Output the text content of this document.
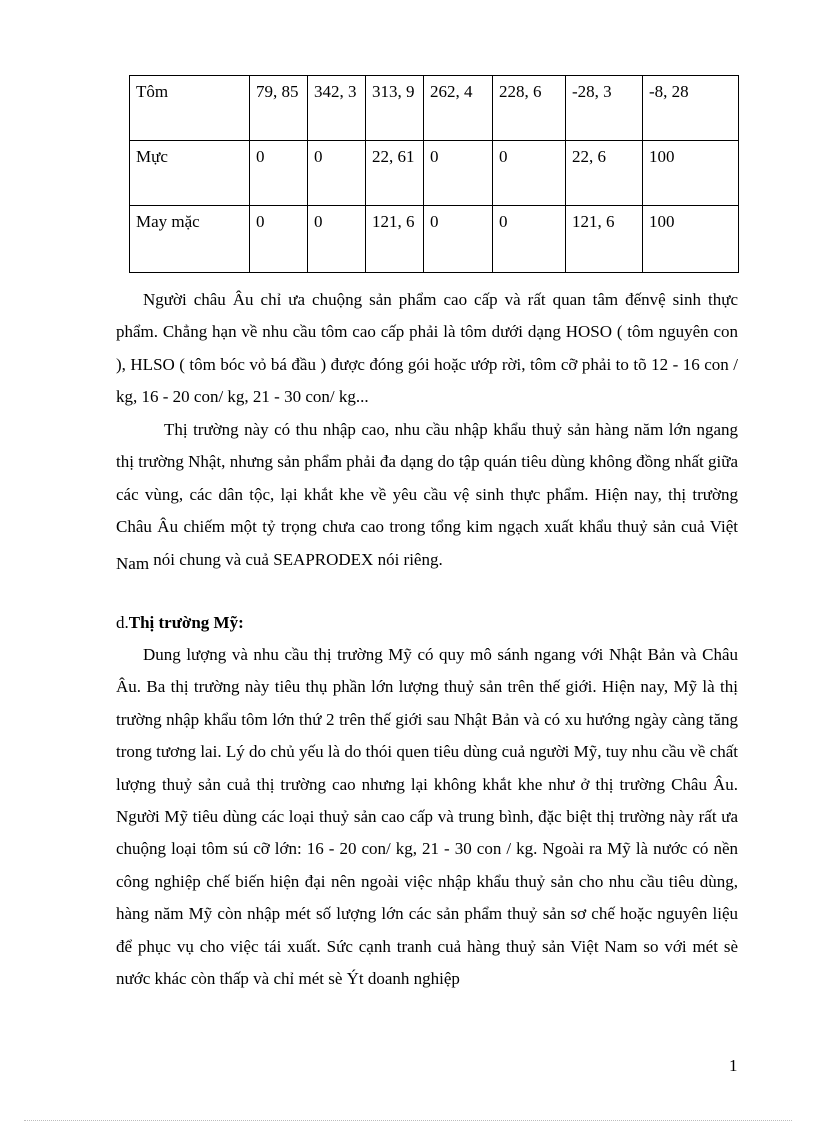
Tôm	79, 85	342, 3	313, 9	262, 4	228, 6	-28, 3	-8, 28
Mực	0	0	22, 61	0	0	22, 6	100
May mặc	0	0	121, 6	0	0	121, 6	100

Người châu Âu chỉ ưa chuộng sản phẩm cao cấp và rất quan tâm đếnvệ sinh thực phẩm. Chẳng hạn về nhu cầu tôm cao cấp phải là tôm dưới dạng HOSO ( tôm nguyên con ), HLSO ( tôm bóc vỏ bá đầu ) được đóng gói hoặc ướp rời, tôm cỡ phải to tõ 12 - 16 con / kg, 16 - 20 con/ kg, 21 - 30 con/ kg...

Thị trường này có thu nhập cao, nhu cầu nhập khẩu thuỷ sản hàng năm lớn ngang thị trường Nhật, nhưng sản phẩm phải đa dạng do tập quán tiêu dùng không đồng nhất giữa các vùng, các dân tộc, lại khắt khe về yêu cầu vệ sinh thực phẩm. Hiện nay, thị trường Châu Âu chiếm một tỷ trọng chưa cao trong tổng kim ngạch xuất khẩu thuỷ sản cuả Việt Nam nói chung và cuả SEAPRODEX nói riêng.

d.Thị trường Mỹ:

Dung lượng và nhu cầu thị trường Mỹ có quy mô sánh ngang với Nhật Bản và Châu Âu. Ba thị trường này tiêu thụ phần lớn lượng thuỷ sản trên thế giới. Hiện nay, Mỹ là thị trường nhập khẩu tôm lớn thứ 2 trên thế giới sau Nhật Bản và có xu hướng ngày càng tăng trong tương lai. Lý do chủ yếu là do thói quen tiêu dùng cuả người Mỹ, tuy nhu cầu về chất lượng thuỷ sản cuả thị trường cao nhưng lại không khắt khe như ở thị trường Châu Âu. Người Mỹ tiêu dùng các loại thuỷ sản cao cấp và trung bình, đặc biệt thị trường này rất ưa chuộng loại tôm sú cỡ lớn: 16 - 20 con/ kg, 21 - 30 con / kg. Ngoài ra Mỹ là nước có nền công nghiệp chế biến hiện đại nên ngoài việc nhập khẩu thuỷ sản cho nhu cầu tiêu dùng, hàng năm Mỹ còn nhập mét số lượng lớn các sản phẩm thuỷ sản sơ chế hoặc nguyên liệu để phục vụ cho việc tái xuất. Sức cạnh tranh cuả hàng thuỷ sản Việt Nam so với mét sè nước khác còn thấp và chỉ mét sè Ýt doanh nghiệp

1
